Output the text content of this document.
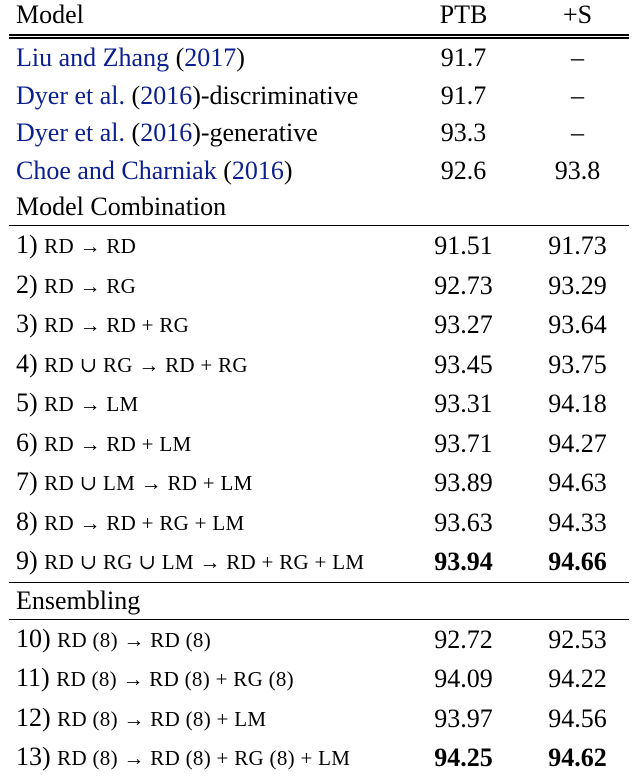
Model	PTB	+S
Liu and Zhang (2017)	91.7	–
Dyer et al. (2016)-discriminative	91.7	–
Dyer et al. (2016)-generative	93.3	–
Choe and Charniak (2016)	92.6	93.8
Model Combination		
1) RD → RD	91.51	91.73
2) RD → RG	92.73	93.29
3) RD → RD + RG	93.27	93.64
4) RD ∪ RG → RD + RG	93.45	93.75
5) RD → LM	93.31	94.18
6) RD → RD + LM	93.71	94.27
7) RD ∪ LM → RD + LM	93.89	94.63
8) RD → RD + RG + LM	93.63	94.33
9) RD ∪ RG ∪ LM → RD + RG + LM	93.94	94.66
Ensembling		
10) RD (8) → RD (8)	92.72	92.53
11) RD (8) → RD (8) + RG (8)	94.09	94.22
12) RD (8) → RD (8) + LM	93.97	94.56
13) RD (8) → RD (8) + RG (8) + LM	94.25	94.62
